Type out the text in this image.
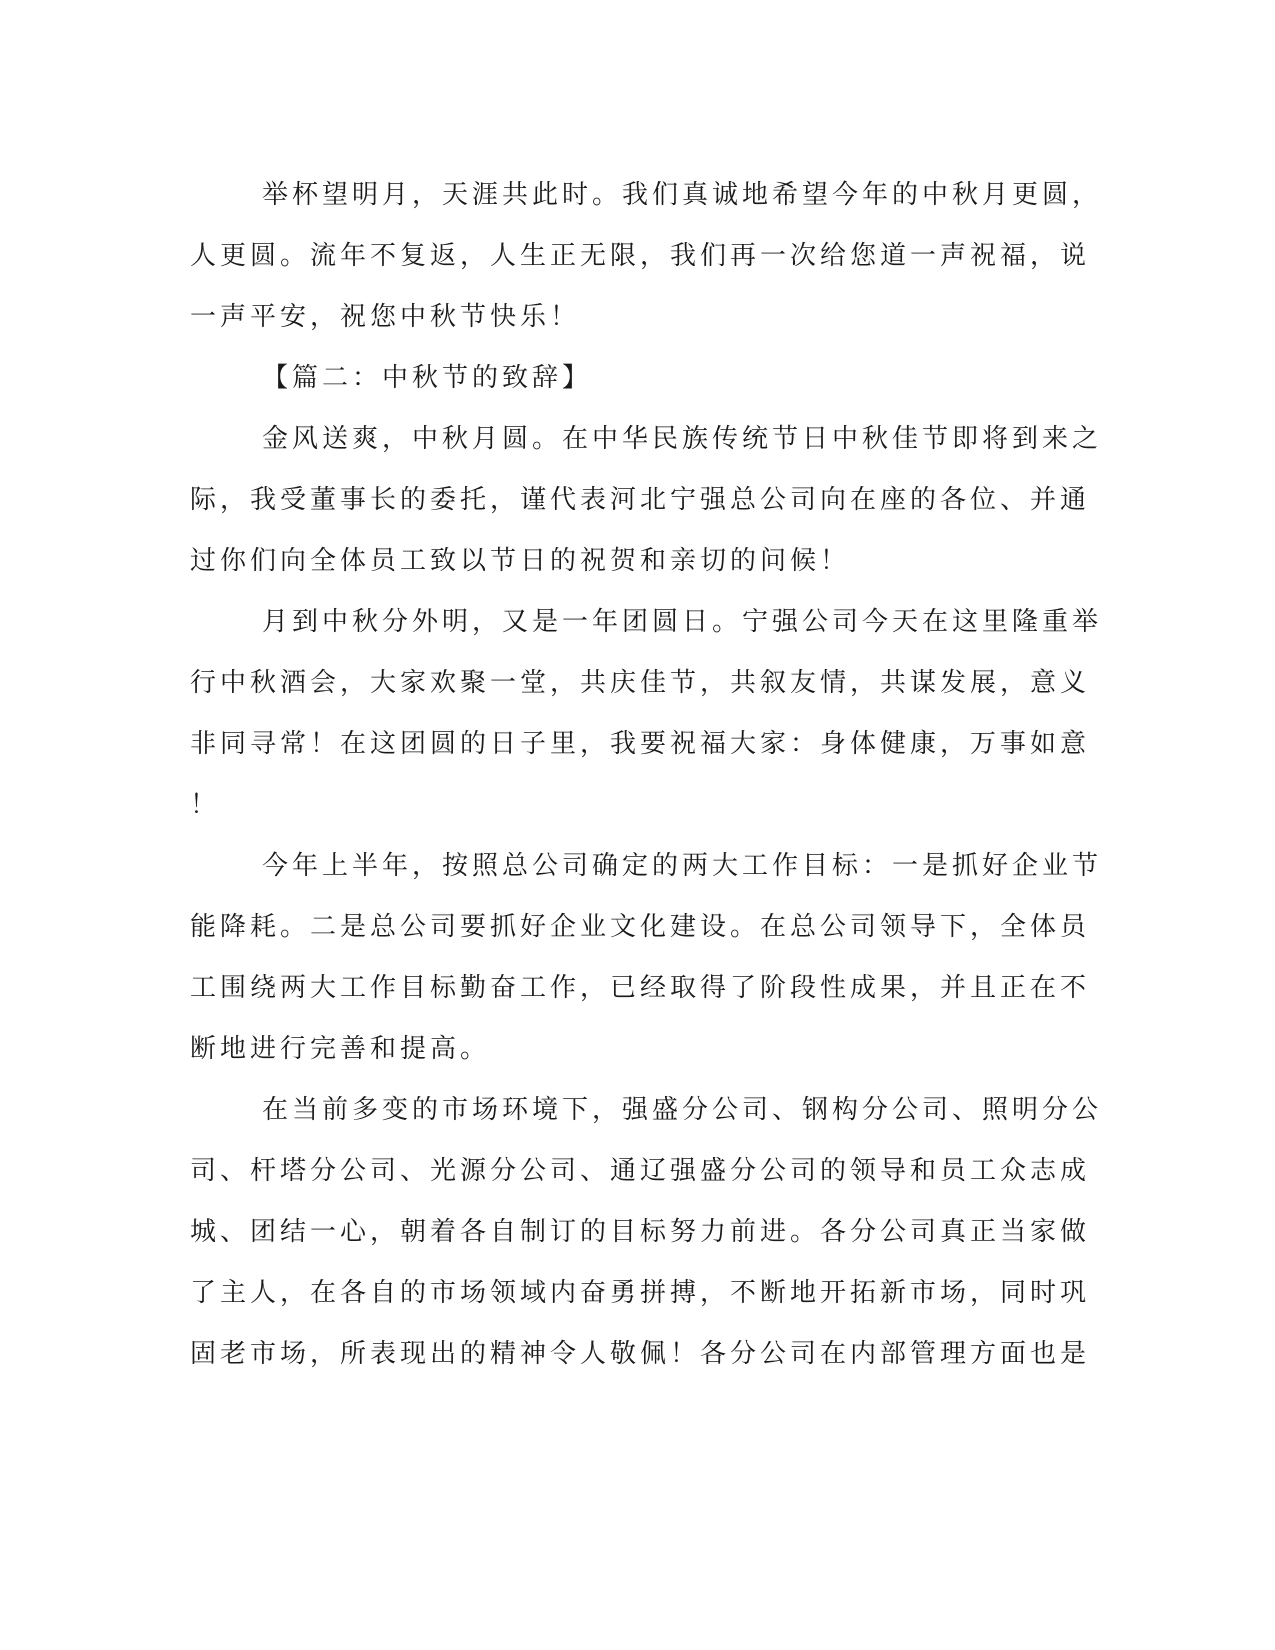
举杯望明月，天涯共此时。我们真诚地希望今年的中秋月更圆，

人更圆。流年不复返，人生正无限，我们再一次给您道一声祝福，说

一声平安，祝您中秋节快乐！

【篇二：中秋节的致辞】

金风送爽，中秋月圆。在中华民族传统节日中秋佳节即将到来之

际，我受董事长的委托，谨代表河北宁强总公司向在座的各位、并通

过你们向全体员工致以节日的祝贺和亲切的问候！

月到中秋分外明，又是一年团圆日。宁强公司今天在这里隆重举

行中秋酒会，大家欢聚一堂，共庆佳节，共叙友情，共谋发展，意义

非同寻常！在这团圆的日子里，我要祝福大家：身体健康，万事如意

！

今年上半年，按照总公司确定的两大工作目标：一是抓好企业节

能降耗。二是总公司要抓好企业文化建设。在总公司领导下，全体员

工围绕两大工作目标勤奋工作，已经取得了阶段性成果，并且正在不

断地进行完善和提高。

在当前多变的市场环境下，强盛分公司、钢构分公司、照明分公

司、杆塔分公司、光源分公司、通辽强盛分公司的领导和员工众志成

城、团结一心，朝着各自制订的目标努力前进。各分公司真正当家做

了主人，在各自的市场领域内奋勇拼搏，不断地开拓新市场，同时巩

固老市场，所表现出的精神令人敬佩！各分公司在内部管理方面也是
